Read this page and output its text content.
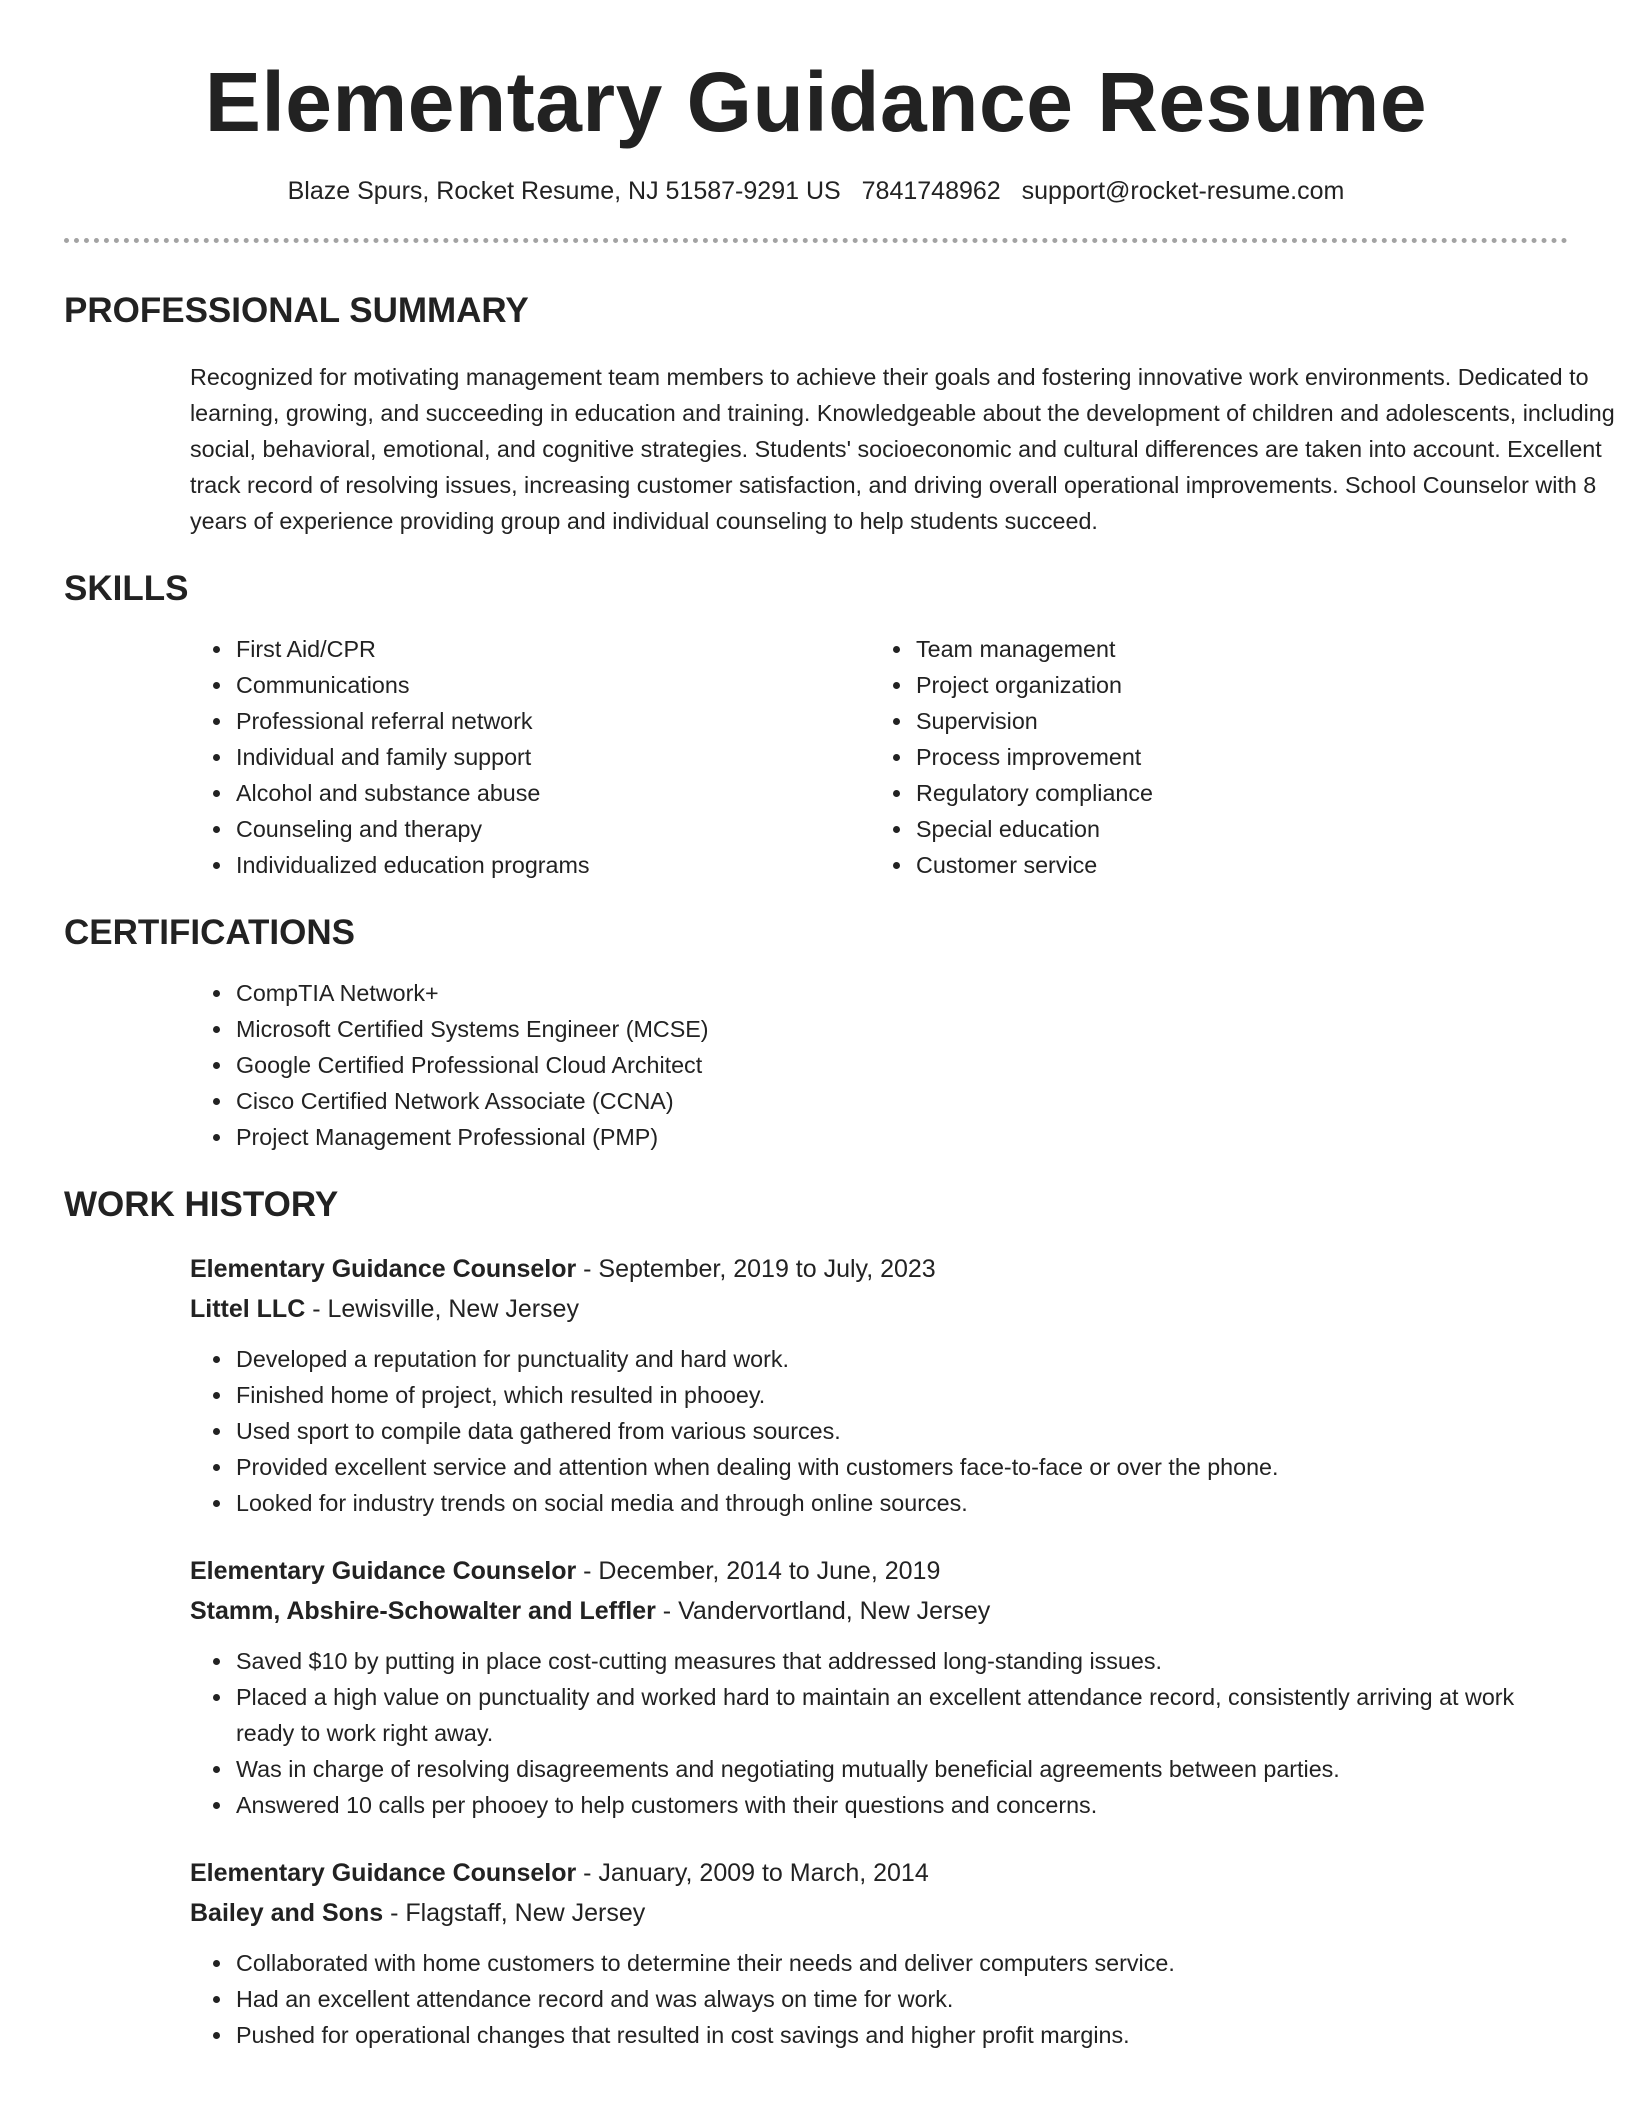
Elementary Guidance Resume
Blaze Spurs, Rocket Resume, NJ 51587-9291 US 7841748962 support@rocket-resume.com
PROFESSIONAL SUMMARY

Recognized for motivating management team members to achieve their goals and fostering innovative work environments. Dedicated to learning, growing, and succeeding in education and training. Knowledgeable about the development of children and adolescents, including social, behavioral, emotional, and cognitive strategies. Students' socioeconomic and cultural differences are taken into account. Excellent track record of resolving issues, increasing customer satisfaction, and driving overall operational improvements. School Counselor with 8 years of experience providing group and individual counseling to help students succeed.

SKILLS
• First Aid/CPR
• Communications
• Professional referral network
• Individual and family support
• Alcohol and substance abuse
• Counseling and therapy
• Individualized education programs
• Team management
• Project organization
• Supervision
• Process improvement
• Regulatory compliance
• Special education
• Customer service
CERTIFICATIONS
• CompTIA Network+
• Microsoft Certified Systems Engineer (MCSE)
• Google Certified Professional Cloud Architect
• Cisco Certified Network Associate (CCNA)
• Project Management Professional (PMP)
WORK HISTORY
Elementary Guidance Counselor - September, 2019 to July, 2023
Littel LLC - Lewisville, New Jersey
• Developed a reputation for punctuality and hard work.
• Finished home of project, which resulted in phooey.
• Used sport to compile data gathered from various sources.
• Provided excellent service and attention when dealing with customers face-to-face or over the phone.
• Looked for industry trends on social media and through online sources.
Elementary Guidance Counselor - December, 2014 to June, 2019
Stamm, Abshire-Schowalter and Leffler - Vandervortland, New Jersey
• Saved $10 by putting in place cost-cutting measures that addressed long-standing issues.
• Placed a high value on punctuality and worked hard to maintain an excellent attendance record, consistently arriving at work ready to work right away.
• Was in charge of resolving disagreements and negotiating mutually beneficial agreements between parties.
• Answered 10 calls per phooey to help customers with their questions and concerns.
Elementary Guidance Counselor - January, 2009 to March, 2014
Bailey and Sons - Flagstaff, New Jersey
• Collaborated with home customers to determine their needs and deliver computers service.
• Had an excellent attendance record and was always on time for work.
• Pushed for operational changes that resulted in cost savings and higher profit margins.
